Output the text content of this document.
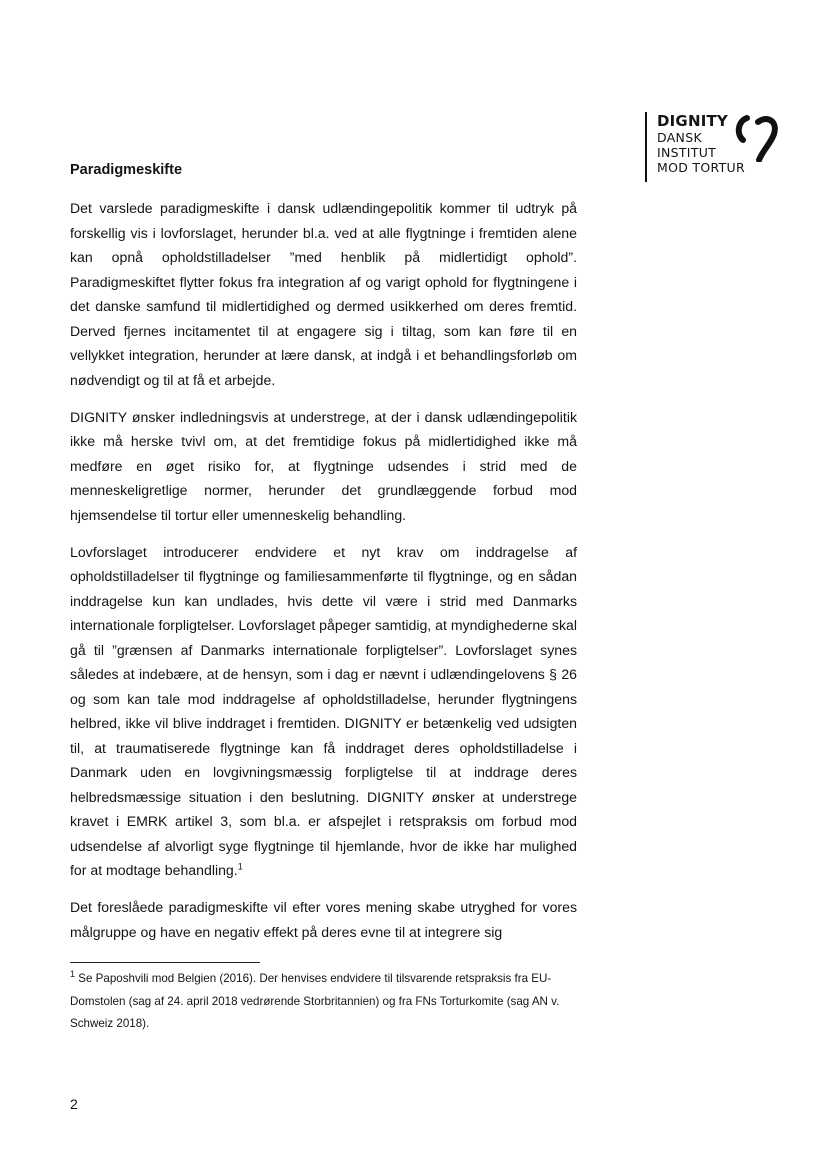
DIGNITY
DANSK
INSTITUT
MOD TORTUR
Paradigmeskifte

Det varslede paradigmeskifte i dansk udlændingepolitik kommer til udtryk på forskellig vis i lovforslaget, herunder bl.a. ved at alle flygtninge i fremtiden alene kan opnå opholdstilladelser ”med henblik på midlertidigt ophold”. Paradigmeskiftet flytter fokus fra integration af og varigt ophold for flygtningene i det danske samfund til midlertidighed og dermed usikkerhed om deres fremtid. Derved fjernes incitamentet til at engagere sig i tiltag, som kan føre til en vellykket integration, herunder at lære dansk, at indgå i et behandlingsforløb om nødvendigt og til at få et arbejde.

DIGNITY ønsker indledningsvis at understrege, at der i dansk udlændingepolitik ikke må herske tvivl om, at det fremtidige fokus på midlertidighed ikke må medføre en øget risiko for, at flygtninge udsendes i strid med de menneskeligretlige normer, herunder det grundlæggende forbud mod hjemsendelse til tortur eller umenneskelig behandling.

Lovforslaget introducerer endvidere et nyt krav om inddragelse af opholdstilladelser til flygtninge og familiesammenførte til flygtninge, og en sådan inddragelse kun kan undlades, hvis dette vil være i strid med Danmarks internationale forpligtelser. Lovforslaget påpeger samtidig, at myndighederne skal gå til ”grænsen af Danmarks internationale forpligtelser”. Lovforslaget synes således at indebære, at de hensyn, som i dag er nævnt i udlændingelovens § 26 og som kan tale mod inddragelse af opholdstilladelse, herunder flygtningens helbred, ikke vil blive inddraget i fremtiden. DIGNITY er betænkelig ved udsigten til, at traumatiserede flygtninge kan få inddraget deres opholdstilladelse i Danmark uden en lovgivningsmæssig forpligtelse til at inddrage deres helbredsmæssige situation i den beslutning. DIGNITY ønsker at understrege kravet i EMRK artikel 3, som bl.a. er afspejlet i retspraksis om forbud mod udsendelse af alvorligt syge flygtninge til hjemlande, hvor de ikke har mulighed for at modtage behandling.$^1$

Det foreslåede paradigmeskifte vil efter vores mening skabe utryghed for vores målgruppe og have en negativ effekt på deres evne til at integrere sig

$^1$ Se Paposhvili mod Belgien (2016). Der henvises endvidere til tilsvarende retspraksis fra EU-Domstolen (sag af 24. april 2018 vedrørende Storbritannien) og fra FNs Torturkomite (sag AN v. Schweiz 2018).

2
